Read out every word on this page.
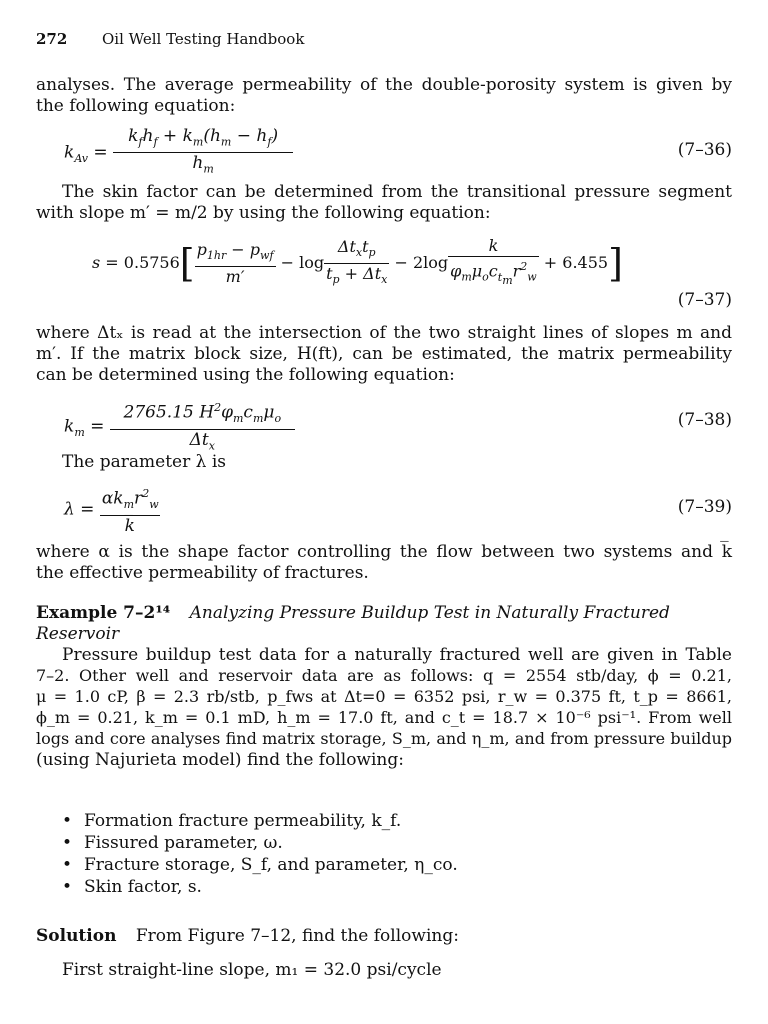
272 Oil Well Testing Handbook
analyses. The average permeability of the double-porosity system is given by
the following equation:
$k_{Av} = \frac{k_fh_f + k_m(h_m - h_f)}{h_m}$	(7–36)
The skin factor can be determined from the transitional pressure segment
with slope m′ = m/2 by using the following equation:
$s = 0.5756[ \frac{p_{1hr} - p_{wf}}{m'} - \log \frac{\Delta t_xt_p}{t_p + \Delta t_x} - 2\log \frac{k}{\varphi_m\mu_oc_{t_m}r^2_w} + 6.455]$
(7–37)
where Δtₓ is read at the intersection of the two straight lines of slopes m and
m′. If the matrix block size, H(ft), can be estimated, the matrix permeability
can be determined using the following equation:
$k_m = \frac{2765.15 H^2\varphi_mc_m\mu_o}{\Delta t_x}$	(7–38)
The parameter λ is
$\lambda = \frac{\alpha k_mr^2_w}{k̅}$	(7–39)
where α is the shape factor controlling the flow between two systems and k̅
the effective permeability of fractures.
Example 7–2¹⁴ Analyzing Pressure Buildup Test in Naturally Fractured
Reservoir
Pressure buildup test data for a naturally fractured well are given in Table
7–2. Other well and reservoir data are as follows: q = 2554 stb/day, ϕ = 0.21,
μ = 1.0 cP, β = 2.3 rb/stb, p_fws at Δt=0 = 6352 psi, r_w = 0.375 ft, t_p = 8661,
ϕ_m = 0.21, k_m = 0.1 mD, h_m = 17.0 ft, and c_t = 18.7 × 10⁻⁶ psi⁻¹. From well
logs and core analyses find matrix storage, S_m, and η_m, and from pressure buildup
(using Najurieta model) find the following:
• Formation fracture permeability, k_f.
• Fissured parameter, ω.
• Fracture storage, S_f, and parameter, η_co.
• Skin factor, s.
Solution From Figure 7–12, find the following:
First straight-line slope, m₁ = 32.0 psi/cycle
